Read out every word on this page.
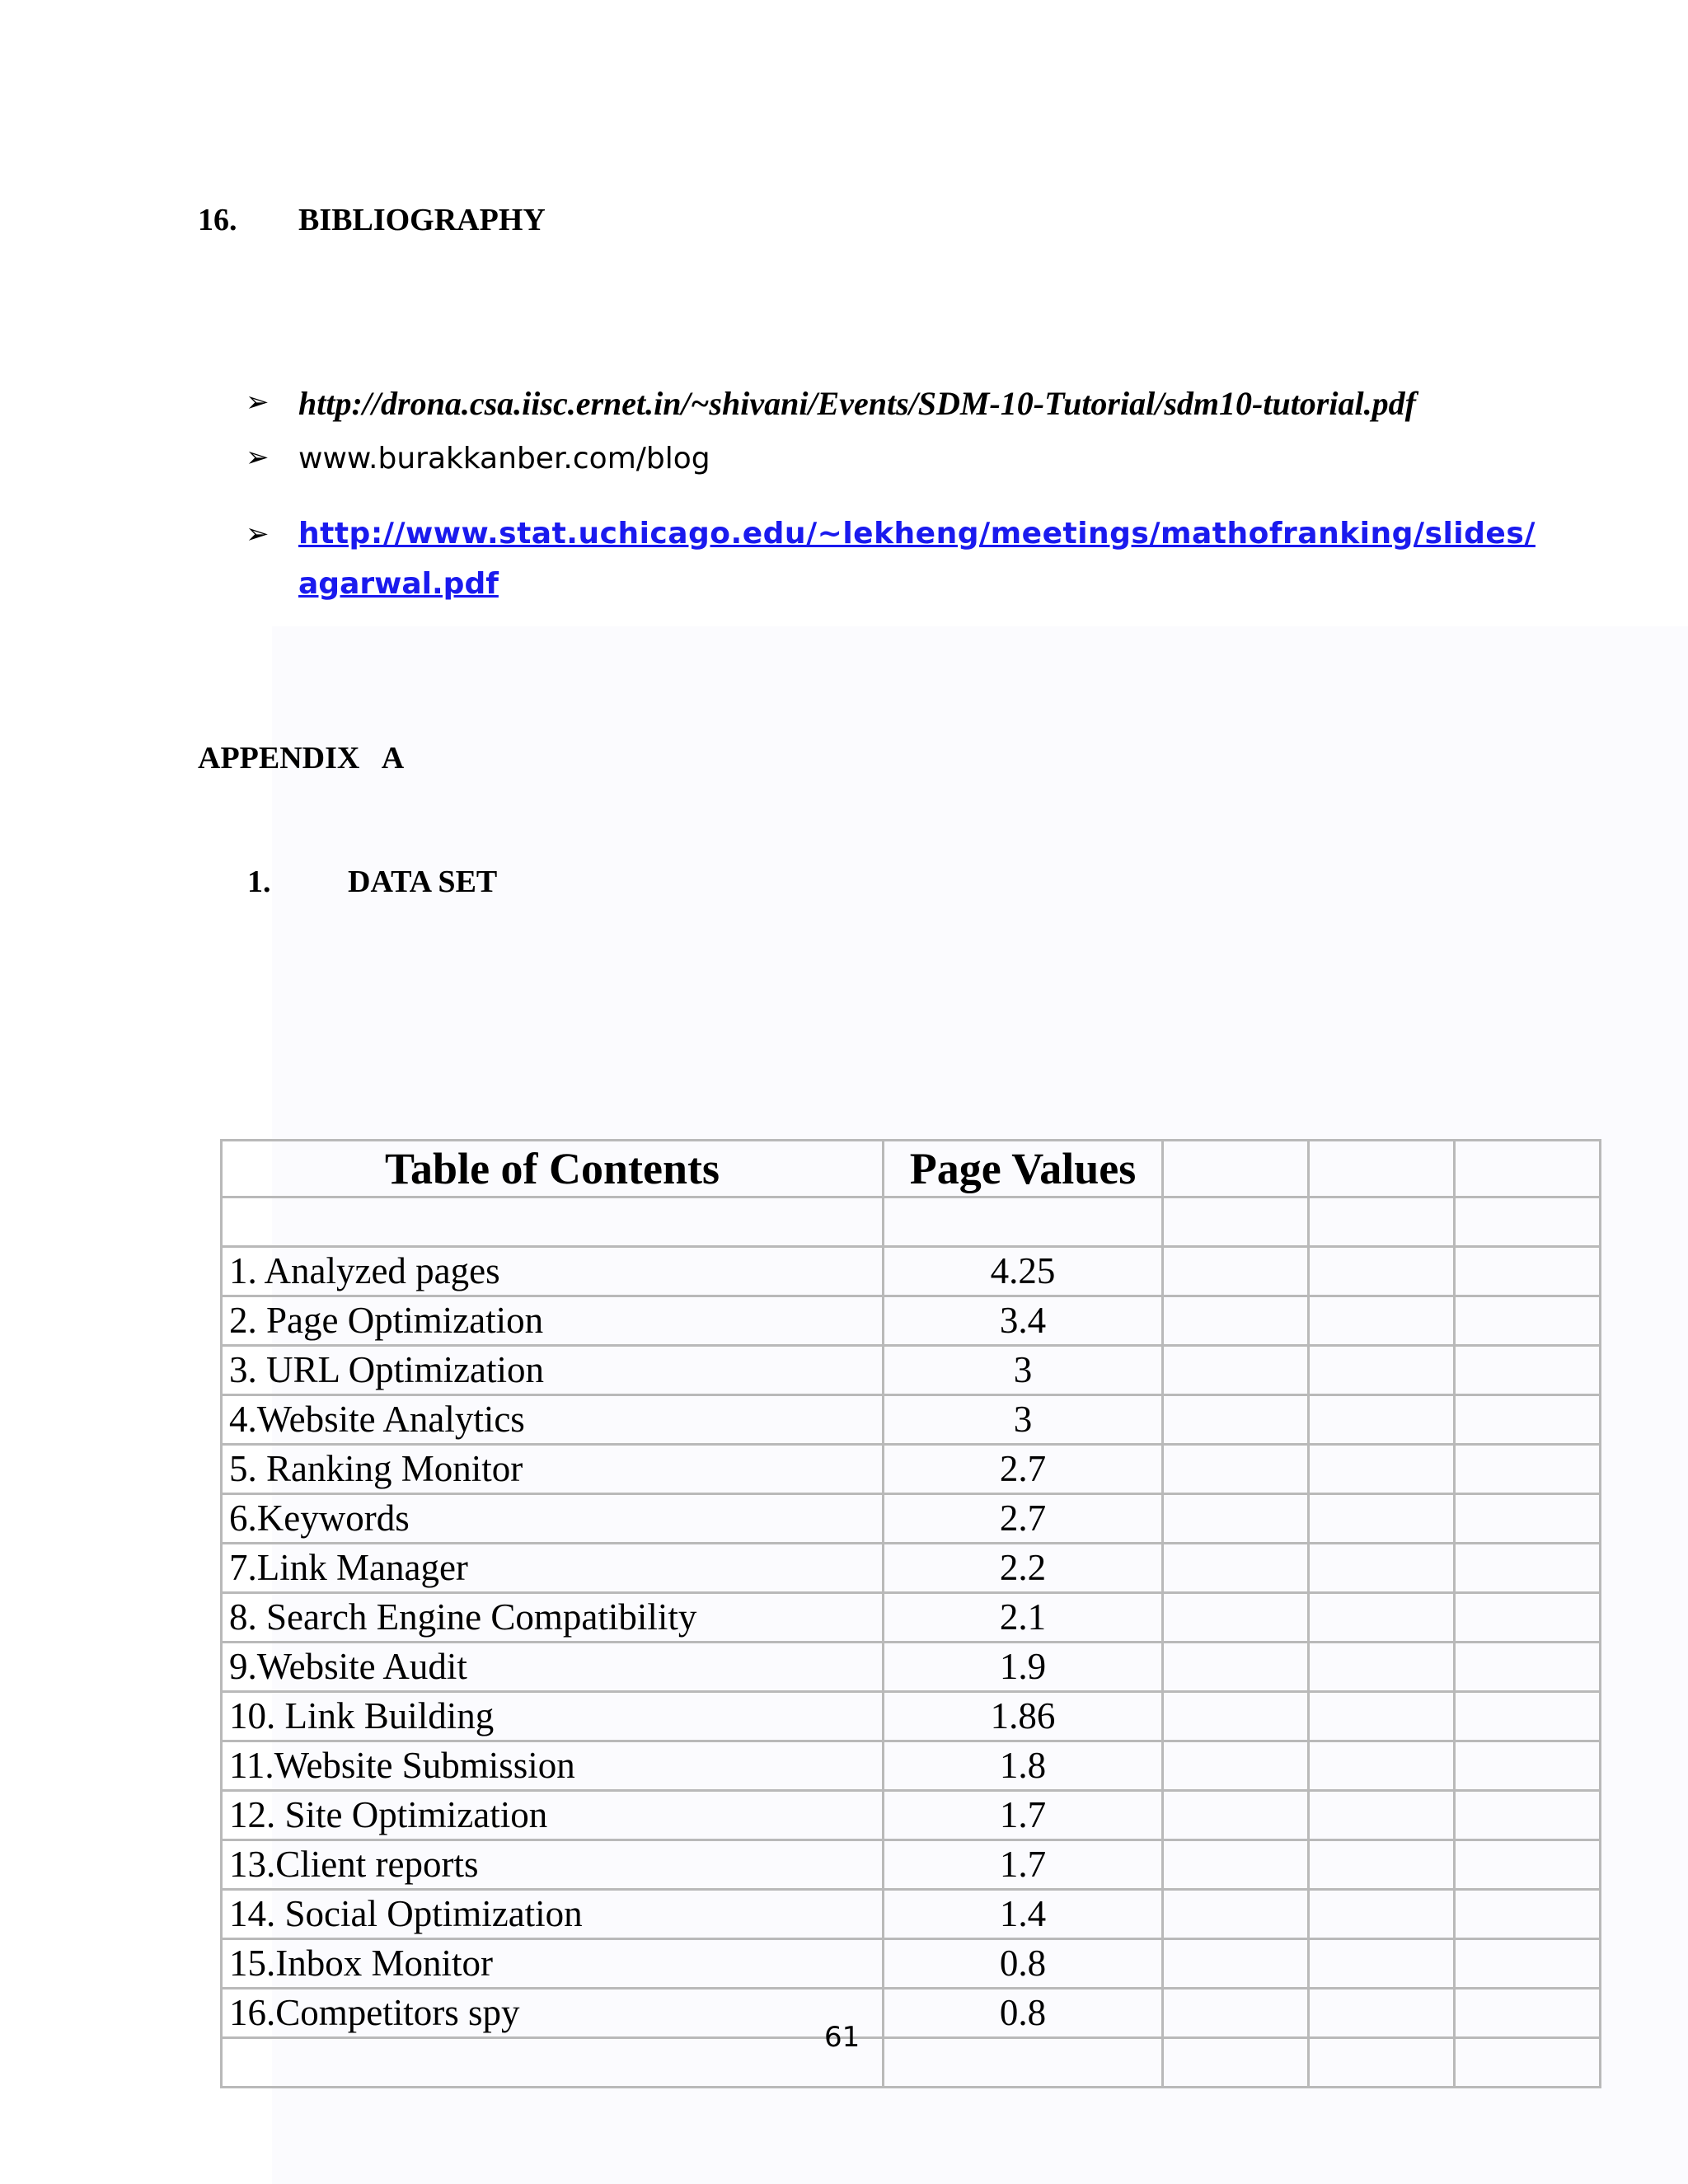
16. BIBLIOGRAPHY
➢ http://drona.csa.iisc.ernet.in/~shivani/Events/SDM-10-Tutorial/sdm10-tutorial.pdf
➢ www.burakkanber.com/blog
➢ http://www.stat.uchicago.edu/~lekheng/meetings/mathofranking/slides/
agarwal.pdf
APPENDIX   A
1. DATA SET
Table of Contents	Page Values			

1. Analyzed pages	4.25			
2. Page Optimization	3.4			
3. URL Optimization	3			
4.Website Analytics	3			
5. Ranking Monitor	2.7			
6.Keywords	2.7			
7.Link Manager	2.2			
8. Search Engine Compatibility	2.1			
9.Website Audit	1.9			
10. Link Building	1.86			
11.Website Submission	1.8			
12. Site Optimization	1.7			
13.Client reports	1.7			
14. Social Optimization	1.4			
15.Inbox Monitor	0.8			
16.Competitors spy	0.8			

61
